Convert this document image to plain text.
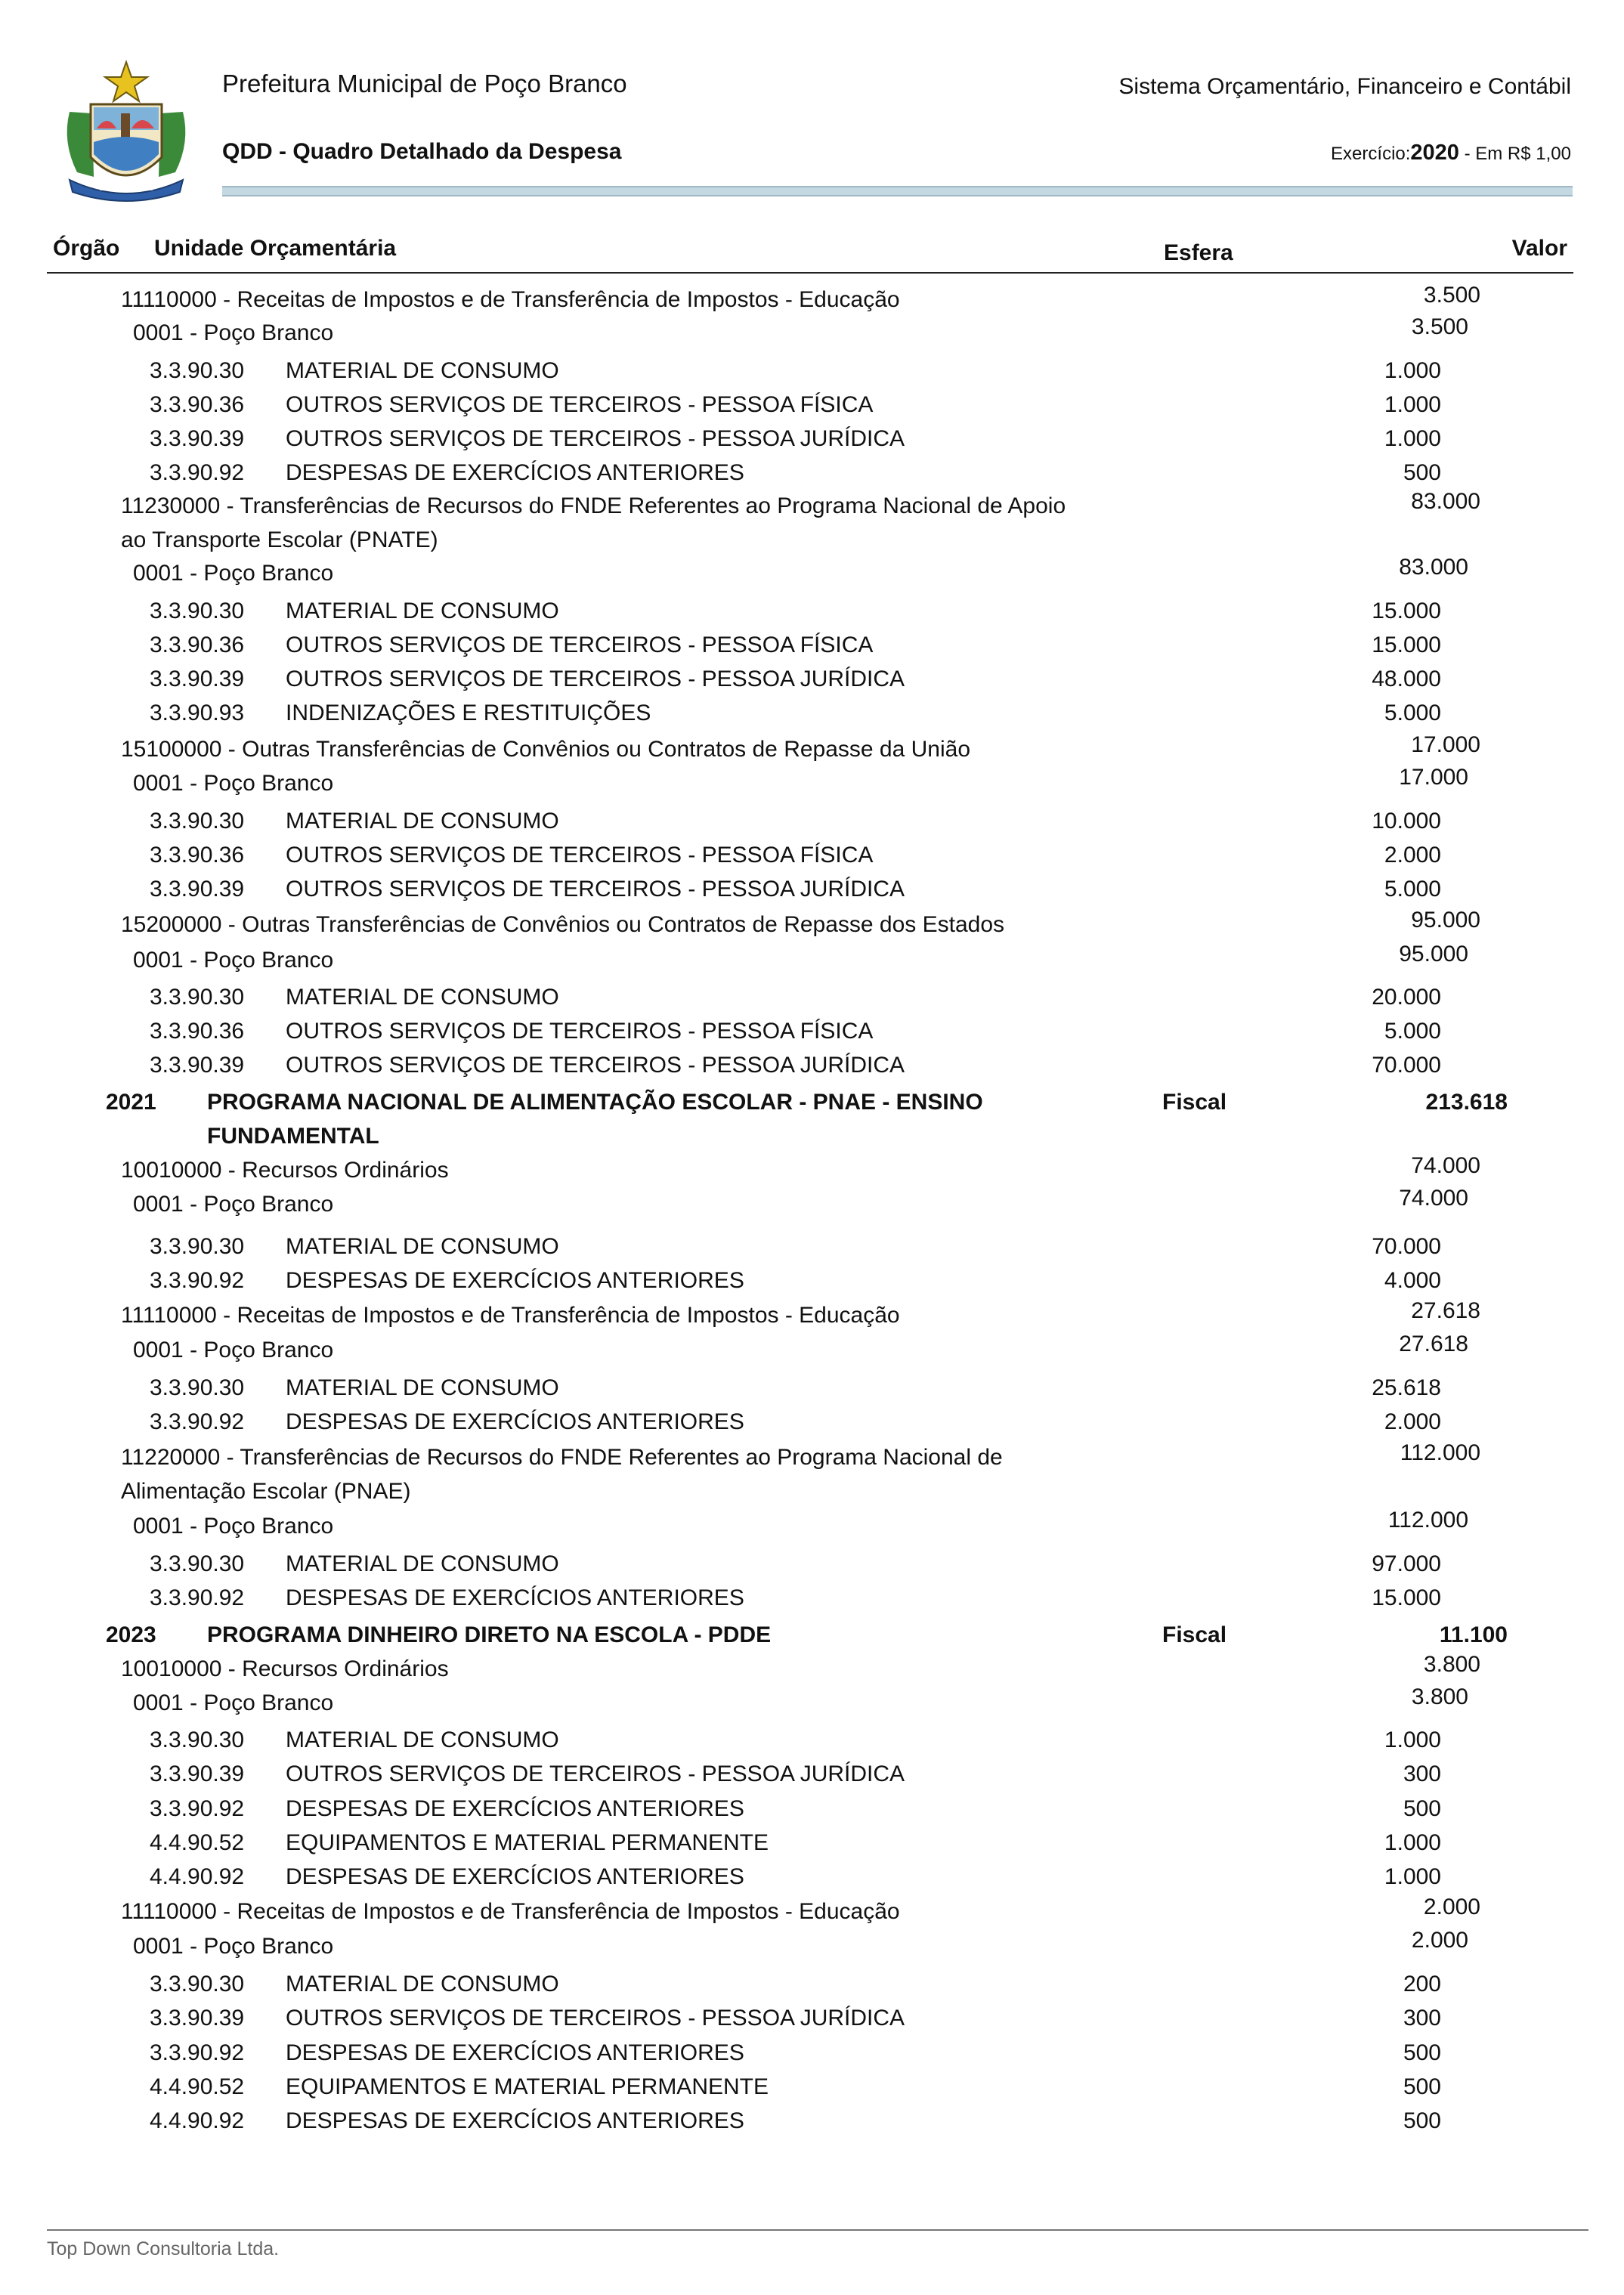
Prefeitura Municipal de Poço Branco
QDD - Quadro Detalhado da Despesa
Sistema Orçamentário, Financeiro e Contábil
Exercício:2020 - Em R$ 1,00
Órgão Unidade Orçamentária	Esfera	Valor
11110000 - Receitas de Impostos e de Transferência de Impostos - Educação	3.500
0001 - Poço Branco	3.500
3.3.90.30 MATERIAL DE CONSUMO	1.000
3.3.90.36 OUTROS SERVIÇOS DE TERCEIROS - PESSOA FÍSICA	1.000
3.3.90.39 OUTROS SERVIÇOS DE TERCEIROS - PESSOA JURÍDICA	1.000
3.3.90.92 DESPESAS DE EXERCÍCIOS ANTERIORES	500
11230000 - Transferências de Recursos do FNDE Referentes ao Programa Nacional de Apoio	83.000
ao Transporte Escolar (PNATE)
0001 - Poço Branco	83.000
3.3.90.30 MATERIAL DE CONSUMO	15.000
3.3.90.36 OUTROS SERVIÇOS DE TERCEIROS - PESSOA FÍSICA	15.000
3.3.90.39 OUTROS SERVIÇOS DE TERCEIROS - PESSOA JURÍDICA	48.000
3.3.90.93 INDENIZAÇÕES E RESTITUIÇÕES	5.000
15100000 - Outras Transferências de Convênios ou Contratos de Repasse da União	17.000
0001 - Poço Branco	17.000
3.3.90.30 MATERIAL DE CONSUMO	10.000
3.3.90.36 OUTROS SERVIÇOS DE TERCEIROS - PESSOA FÍSICA	2.000
3.3.90.39 OUTROS SERVIÇOS DE TERCEIROS - PESSOA JURÍDICA	5.000
15200000 - Outras Transferências de Convênios ou Contratos de Repasse dos Estados	95.000
0001 - Poço Branco	95.000
3.3.90.30 MATERIAL DE CONSUMO	20.000
3.3.90.36 OUTROS SERVIÇOS DE TERCEIROS - PESSOA FÍSICA	5.000
3.3.90.39 OUTROS SERVIÇOS DE TERCEIROS - PESSOA JURÍDICA	70.000
2021 PROGRAMA NACIONAL DE ALIMENTAÇÃO ESCOLAR - PNAE - ENSINO	Fiscal	213.618
FUNDAMENTAL
10010000 - Recursos Ordinários	74.000
0001 - Poço Branco	74.000
3.3.90.30 MATERIAL DE CONSUMO	70.000
3.3.90.92 DESPESAS DE EXERCÍCIOS ANTERIORES	4.000
11110000 - Receitas de Impostos e de Transferência de Impostos - Educação	27.618
0001 - Poço Branco	27.618
3.3.90.30 MATERIAL DE CONSUMO	25.618
3.3.90.92 DESPESAS DE EXERCÍCIOS ANTERIORES	2.000
11220000 - Transferências de Recursos do FNDE Referentes ao Programa Nacional de	112.000
Alimentação Escolar (PNAE)
0001 - Poço Branco	112.000
3.3.90.30 MATERIAL DE CONSUMO	97.000
3.3.90.92 DESPESAS DE EXERCÍCIOS ANTERIORES	15.000
2023 PROGRAMA DINHEIRO DIRETO NA ESCOLA - PDDE	Fiscal	11.100
10010000 - Recursos Ordinários	3.800
0001 - Poço Branco	3.800
3.3.90.30 MATERIAL DE CONSUMO	1.000
3.3.90.39 OUTROS SERVIÇOS DE TERCEIROS - PESSOA JURÍDICA	300
3.3.90.92 DESPESAS DE EXERCÍCIOS ANTERIORES	500
4.4.90.52 EQUIPAMENTOS E MATERIAL PERMANENTE	1.000
4.4.90.92 DESPESAS DE EXERCÍCIOS ANTERIORES	1.000
11110000 - Receitas de Impostos e de Transferência de Impostos - Educação	2.000
0001 - Poço Branco	2.000
3.3.90.30 MATERIAL DE CONSUMO	200
3.3.90.39 OUTROS SERVIÇOS DE TERCEIROS - PESSOA JURÍDICA	300
3.3.90.92 DESPESAS DE EXERCÍCIOS ANTERIORES	500
4.4.90.52 EQUIPAMENTOS E MATERIAL PERMANENTE	500
4.4.90.92 DESPESAS DE EXERCÍCIOS ANTERIORES	500
Top Down Consultoria Ltda.
